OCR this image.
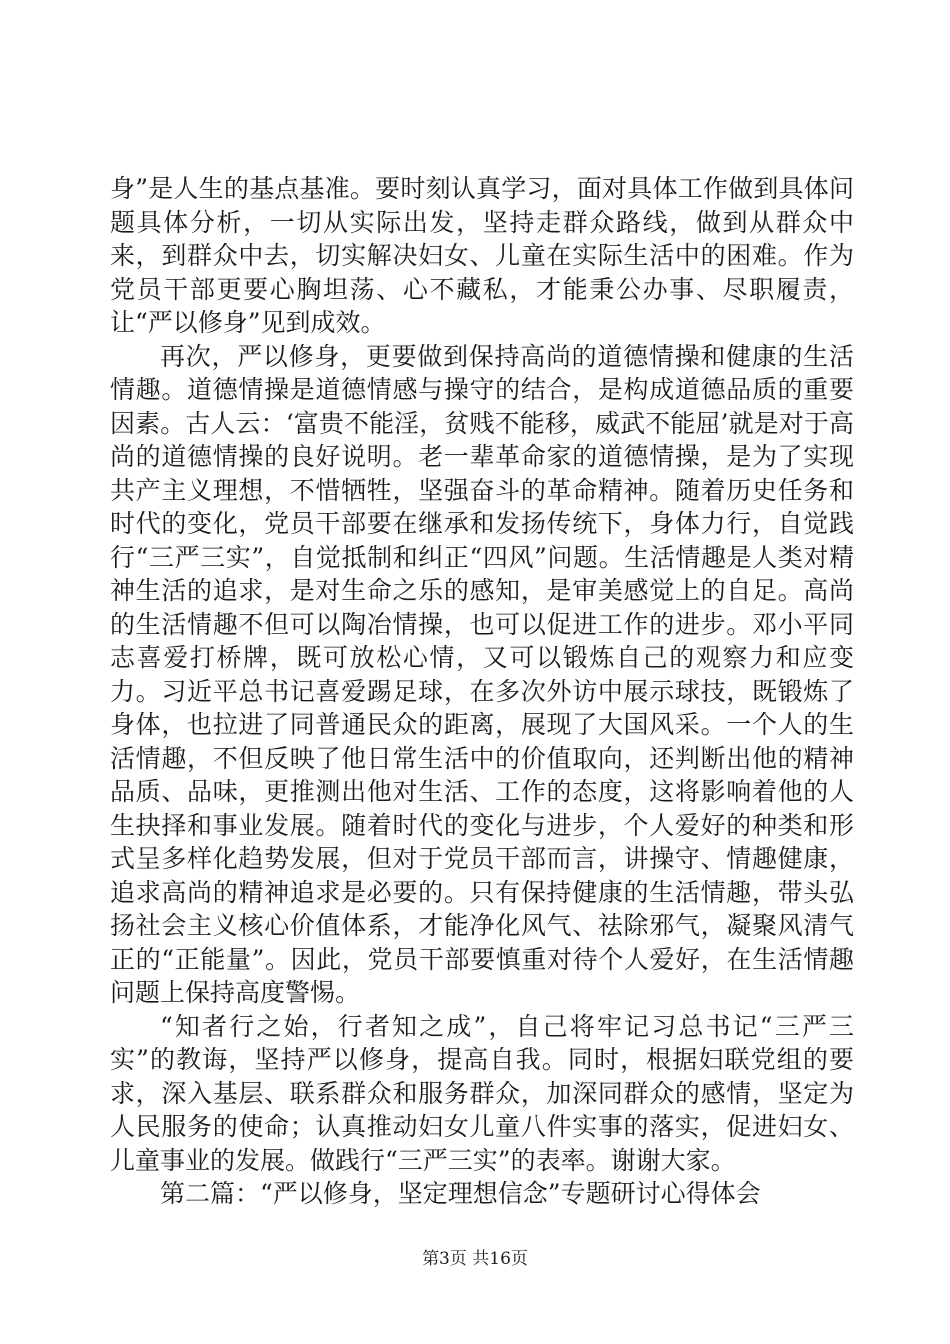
身”是人生的基点基准。要时刻认真学习，面对具体工作做到具体问题具体分析，一切从实际出发，坚持走群众路线，做到从群众中来，到群众中去，切实解决妇女、儿童在实际生活中的困难。作为党员干部更要心胸坦荡、心不藏私，才能秉公办事、尽职履责，让“严以修身”见到成效。

再次，严以修身，更要做到保持高尚的道德情操和健康的生活情趣。道德情操是道德情感与操守的结合，是构成道德品质的重要因素。古人云：‘富贵不能淫，贫贱不能移，威武不能屈’就是对于高尚的道德情操的良好说明。老一辈革命家的道德情操，是为了实现共产主义理想，不惜牺牲，坚强奋斗的革命精神。随着历史任务和时代的变化，党员干部要在继承和发扬传统下，身体力行，自觉践行“三严三实”，自觉抵制和纠正“四风”问题。生活情趣是人类对精神生活的追求，是对生命之乐的感知，是审美感觉上的自足。高尚的生活情趣不但可以陶冶情操，也可以促进工作的进步。邓小平同志喜爱打桥牌，既可放松心情，又可以锻炼自己的观察力和应变力。习近平总书记喜爱踢足球，在多次外访中展示球技，既锻炼了身体，也拉进了同普通民众的距离，展现了大国风采。一个人的生活情趣，不但反映了他日常生活中的价值取向，还判断出他的精神品质、品味，更推测出他对生活、工作的态度，这将影响着他的人生抉择和事业发展。随着时代的变化与进步，个人爱好的种类和形式呈多样化趋势发展，但对于党员干部而言，讲操守、情趣健康，追求高尚的精神追求是必要的。只有保持健康的生活情趣，带头弘扬社会主义核心价值体系，才能净化风气、祛除邪气，凝聚风清气正的“正能量”。因此，党员干部要慎重对待个人爱好，在生活情趣问题上保持高度警惕。

“知者行之始，行者知之成”，自己将牢记习总书记“三严三实”的教诲，坚持严以修身，提高自我。同时，根据妇联党组的要求，深入基层、联系群众和服务群众，加深同群众的感情，坚定为人民服务的使命；认真推动妇女儿童八件实事的落实，促进妇女、儿童事业的发展。做践行“三严三实”的表率。谢谢大家。

第二篇：“严以修身，坚定理想信念”专题研讨心得体会

第3页 共16页
